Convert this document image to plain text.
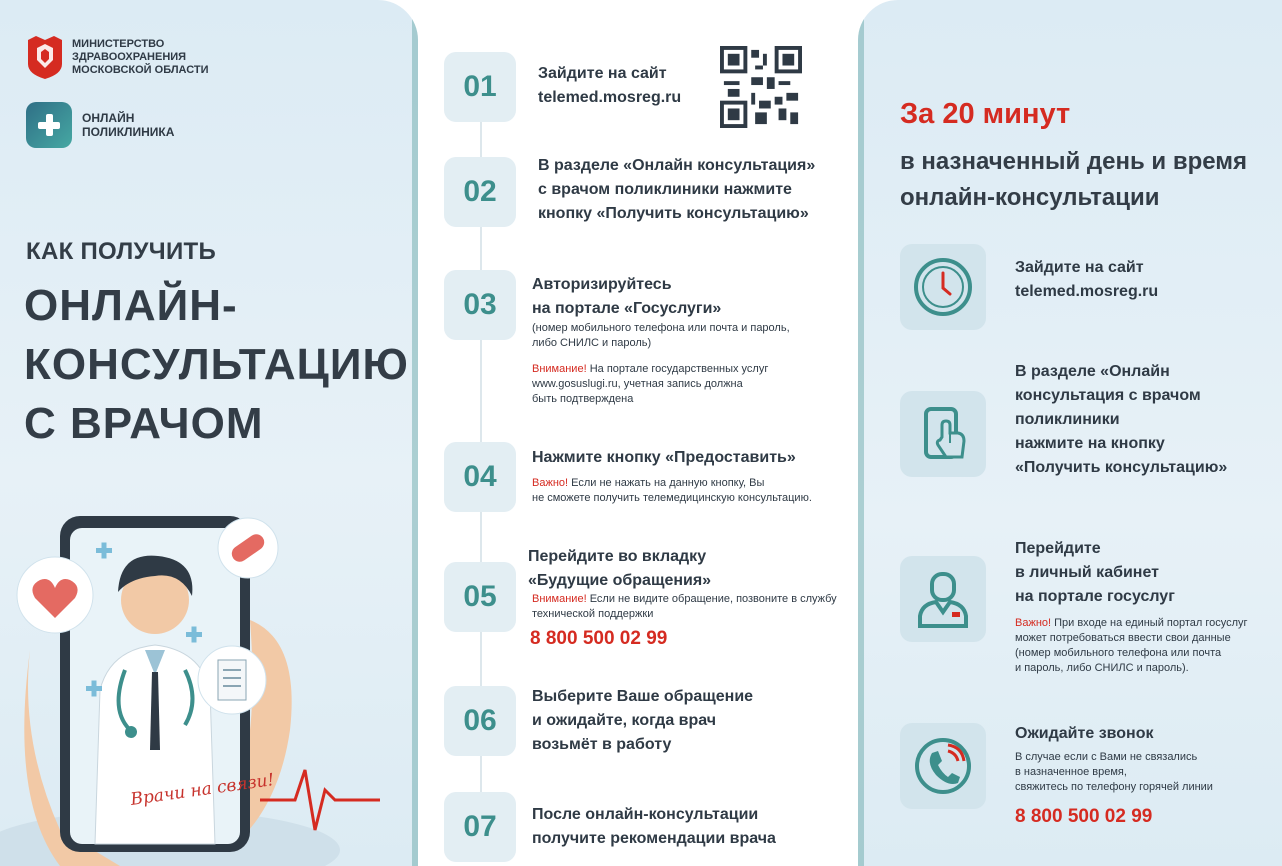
МИНИСТЕРСТВО
ЗДРАВООХРАНЕНИЯ
МОСКОВСКОЙ ОБЛАСТИ
ОНЛАЙН
ПОЛИКЛИНИКА
КАК ПОЛУЧИТЬ
ОНЛАЙН-
КОНСУЛЬТАЦИЮ
С ВРАЧОМ
Врачи на связи!
01	Зайдите на сайт
telemed.mosreg.ru
02
В разделе «Онлайн консультация»
с врачом поликлиники нажмите
кнопку «Получить консультацию»
03
Авторизируйтесь
на портале «Госуслуги»
(номер мобильного телефона или почта и пароль,
либо СНИЛС и пароль)
Внимание! На портале государственных услуг
www.gosuslugi.ru, учетная запись должна
быть подтверждена
04
Нажмите кнопку «Предоставить»
Важно! Если не нажать на данную кнопку, Вы
не сможете получить телемедицинскую консультацию.
05
Перейдите во вкладку
«Будущие обращения»
Внимание! Если не видите обращение, позвоните в службу
технической поддержки
8 800 500 02 99
06
Выберите Ваше обращение
и ожидайте, когда врач
возьмёт в работу
07	После онлайн-консультации
получите рекомендации врача
За 20 минут
в назначенный день и время
онлайн-консультации
Зайдите на сайт
telemed.mosreg.ru
В разделе «Онлайн
консультация с врачом
поликлиники
нажмите на кнопку
«Получить консультацию»
Перейдите
в личный кабинет
на портале госуслуг
Важно! При входе на единый портал госуслуг
может потребоваться ввести свои данные
(номер мобильного телефона или почта
и пароль, либо СНИЛС и пароль).
Ожидайте звонок
В случае если с Вами не связались
в назначенное время,
свяжитесь по телефону горячей линии
8 800 500 02 99
